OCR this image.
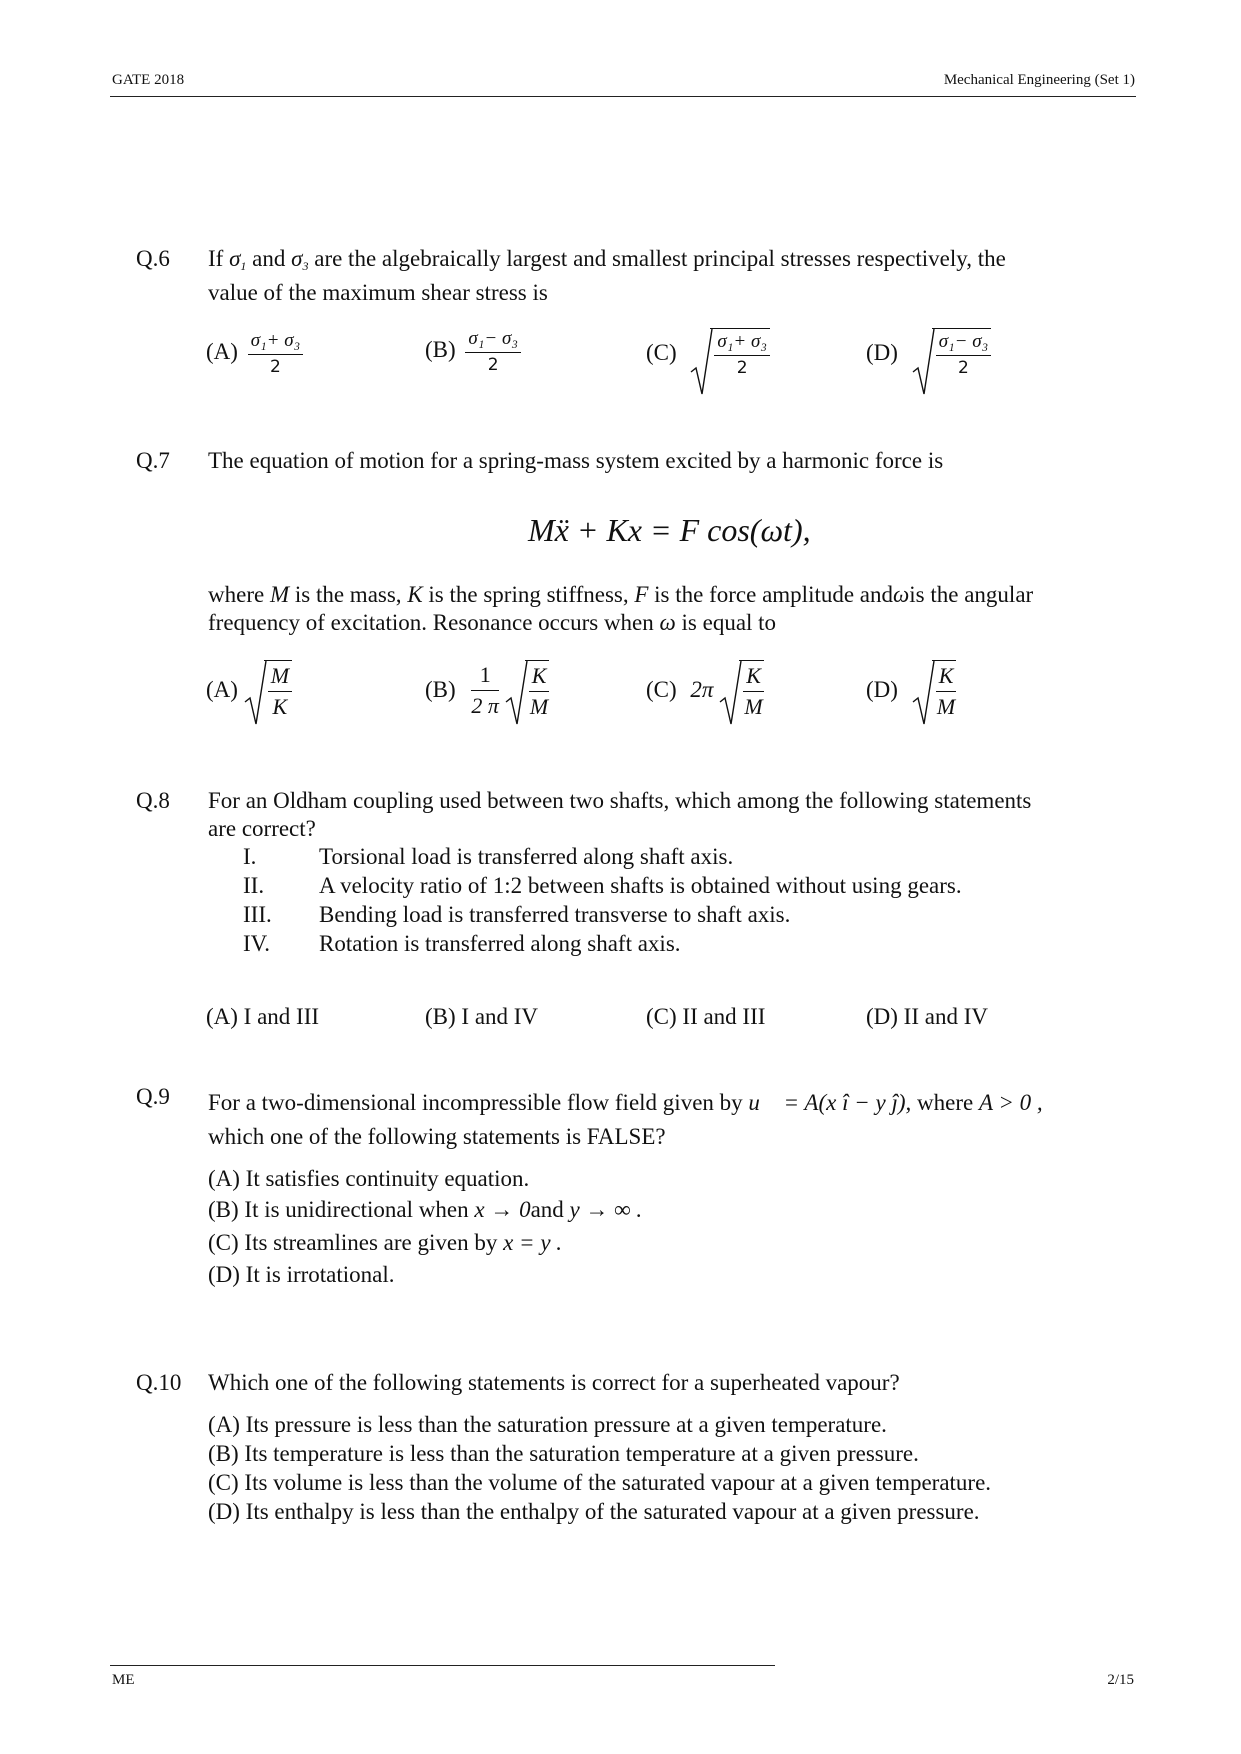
GATE 2018	Mechanical Engineering (Set 1)
Q.6 If $\sigma_1$ and $\sigma_3$ are the algebraically largest and smallest principal stresses respectively, the
value of the maximum shear stress is
$(A) \frac{\text{σ₁+ σ₃}}{2}$	$(B) \frac{\text{σ₁− σ₃}}{2}$	$(C) \frac{\text{σ₁+ σ₃}}{2}$	$(D) \frac{\text{σ₁− σ₃}}{2}$
Q.7 The equation of motion for a spring-mass system excited by a harmonic force is
Mẍ + Kx = F cos(ωt),
where M is the mass, K is the spring stiffness, F is the force amplitude andωis the angular
frequency of excitation. Resonance occurs when ω is equal to
$(A) \frac{M}{K}$	$(B) \frac{1}{2 \pi}$
$\frac{K}{M}$	(C) $2\pi \frac{K}{M}$	$(D) \frac{K}{M}$
Q.8 For an Oldham coupling used between two shafts, which among the following statements
are correct?
I.	Torsional load is transferred along shaft axis.
II. A velocity ratio of 1:2 between shafts is obtained without using gears.
III. Bending load is transferred transverse to shaft axis.
IV. Rotation is transferred along shaft axis.
(A) I and III	(B) I and IV	(C) II and III	(D) II and IV
Q.9 For a two-dimensional incompressible flow field given by u⃗ = A(x î − y ĵ), where A > 0 ,
which one of the following statements is FALSE?
(A) It satisfies continuity equation.
(B) It is unidirectional when x → 0and y → ∞ .
(C) Its streamlines are given by x = y .
(D) It is irrotational.
Q.10 Which one of the following statements is correct for a superheated vapour?
(A) Its pressure is less than the saturation pressure at a given temperature.
(B) Its temperature is less than the saturation temperature at a given pressure.
(C) Its volume is less than the volume of the saturated vapour at a given temperature.
(D) Its enthalpy is less than the enthalpy of the saturated vapour at a given pressure.
ME	2/15
